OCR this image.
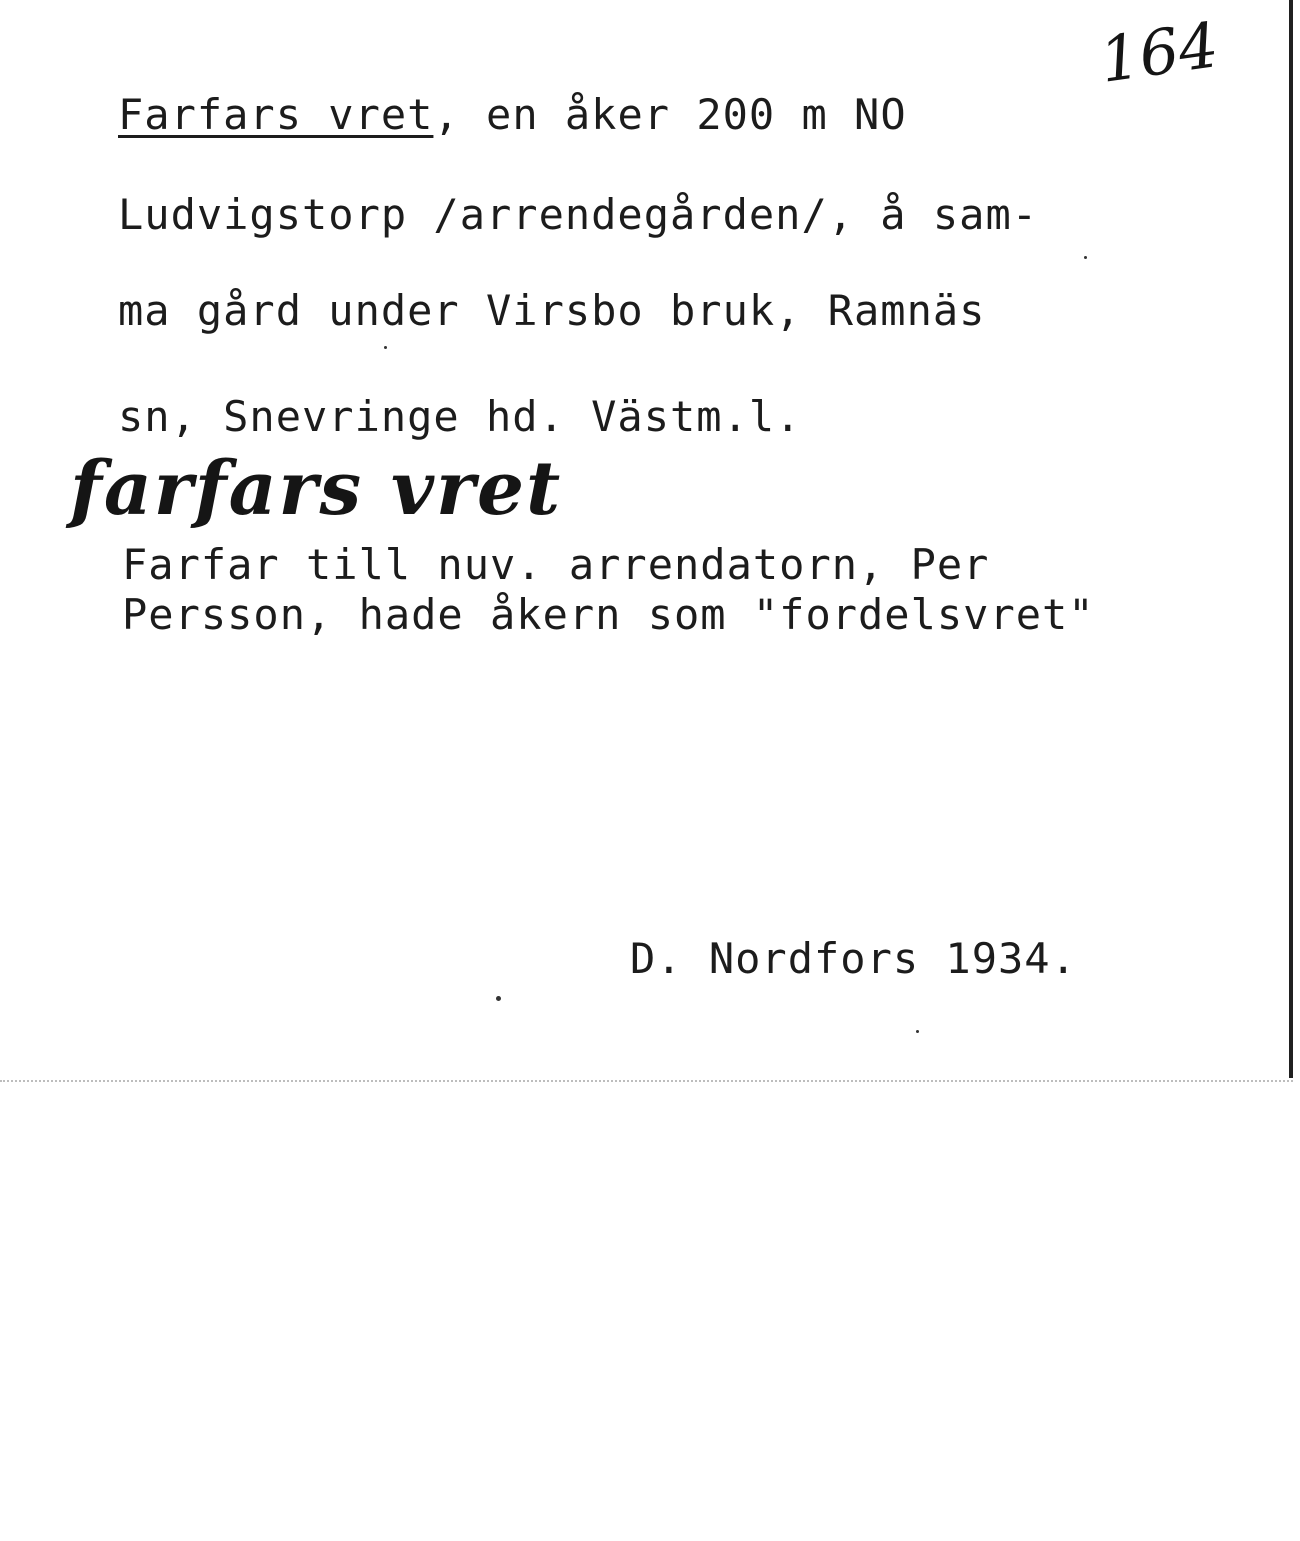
164
Farfars vret, en åker 200 m NO
Ludvigstorp /arrendegården/, å sam-
ma gård under Virsbo bruk, Ramnäs
sn, Snevringe hd. Västm.l.
farfars vret
Farfar till nuv. arrendatorn, Per
Persson, hade åkern som "fordelsvret"
D. Nordfors 1934.
